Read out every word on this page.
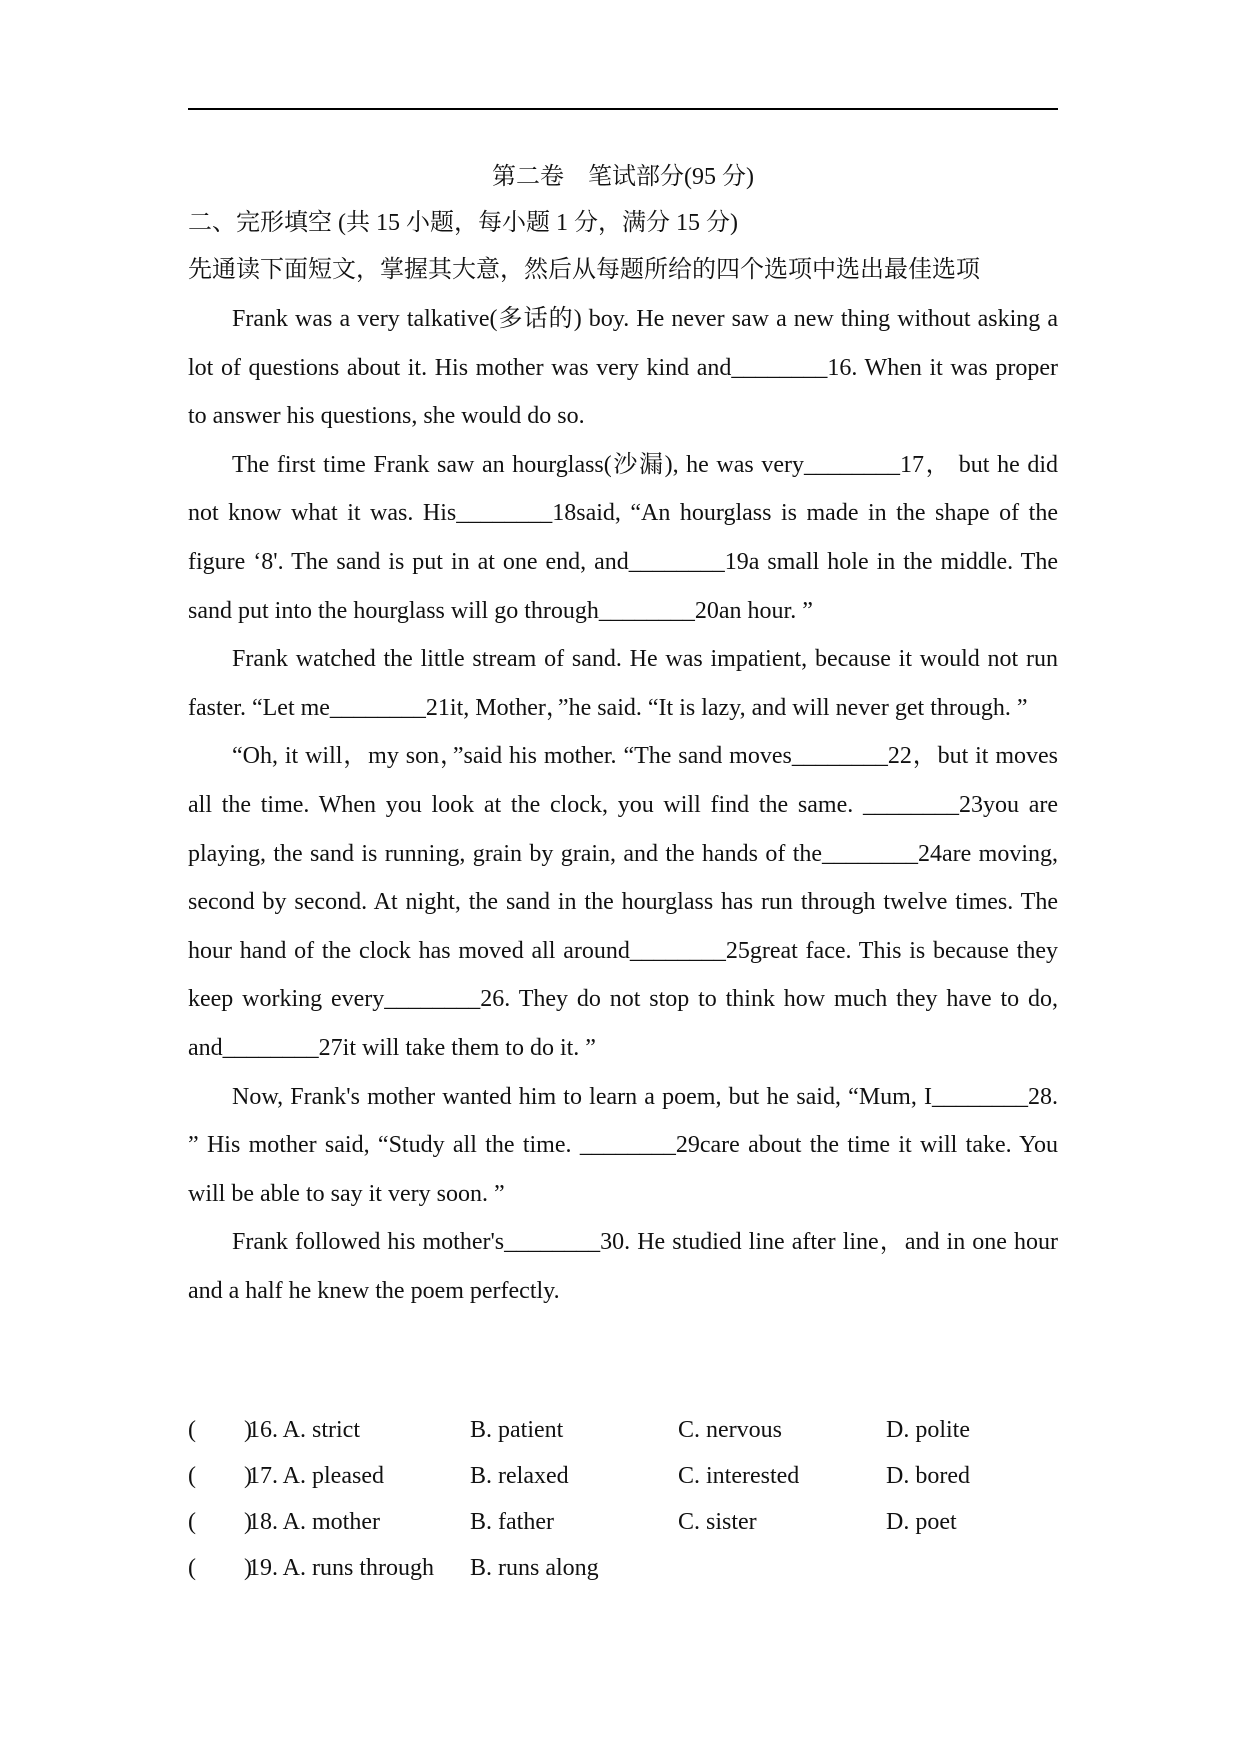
第二卷　笔试部分(95 分)
二、完形填空 (共 15 小题，每小题 1 分，满分 15 分)
先通读下面短文，掌握其大意，然后从每题所给的四个选项中选出最佳选项

Frank was a very talkative(多话的) boy. He never saw a new thing without asking a lot of questions about it. His mother was very kind and________16. When it was proper to answer his questions, she would do so.

The first time Frank saw an hourglass(沙漏), he was very________17， but he did not know what it was. His________18said, “An hourglass is made in the shape of the figure ‘8'. The sand is put in at one end, and________19a small hole in the middle. The sand put into the hourglass will go through________20an hour. ”

Frank watched the little stream of sand. He was impatient, because it would not run faster. “Let me________21it, Mother，”he said. “It is lazy, and will never get through. ”

“Oh, it will，my son，”said his mother. “The sand moves________22，but it moves all the time. When you look at the clock, you will find the same. ________23you are playing, the sand is running, grain by grain, and the hands of the________24are moving, second by second. At night, the sand in the hourglass has run through twelve times. The hour hand of the clock has moved all around________25great face. This is because they keep working every________26. They do not stop to think how much they have to do, and________27it will take them to do it. ”

Now, Frank's mother wanted him to learn a poem, but he said, “Mum, I________28. ” His mother said, “Study all the time. ________29care about the time it will take. You will be able to say it very soon. ”

Frank followed his mother's________30. He studied line after line，and in one hour and a half he knew the poem perfectly.

(　　)
16. A. strict	B. patient	C. nervous	D. polite
(　　)
17. A. pleased	B. relaxed	C. interested	D. bored
(　　)
18. A. mother	B. father	C. sister	D. poet
(　　)
19. A. runs through	B. runs along
